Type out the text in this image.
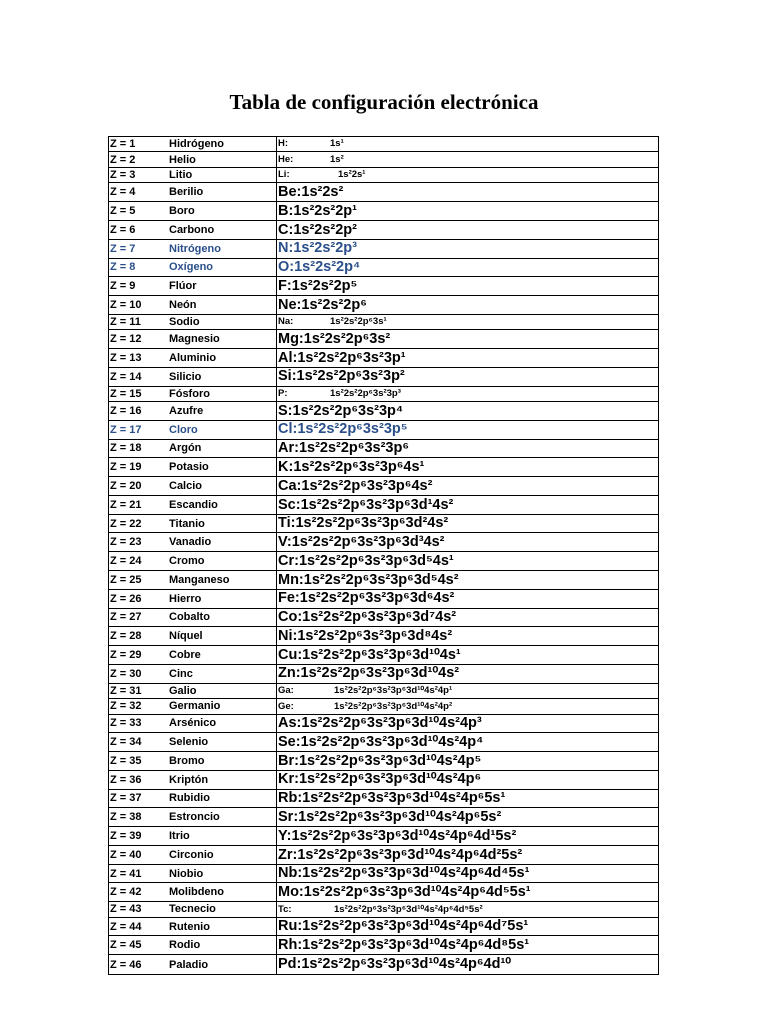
Tabla de configuración electrónica
Z = 1	Hidrógeno	H:	1s¹
Z = 2	Helio	He:	1s²
Z = 3	Litio	Li:	1s²2s¹
Z = 4	Berilio	Be: 1s²2s²
Z = 5	Boro	B: 1s²2s²2p¹
Z = 6	Carbono	C: 1s²2s²2p²
Z = 7	Nitrógeno	N: 1s²2s²2p³
Z = 8	Oxígeno	O: 1s²2s²2p⁴
Z = 9	Flúor	F: 1s²2s²2p⁵
Z = 10	Neón	Ne: 1s²2s²2p⁶
Z = 11	Sodio	Na:	1s²2s²2p⁶3s¹
Z = 12	Magnesio	Mg: 1s²2s²2p⁶3s²
Z = 13	Aluminio	Al: 1s²2s²2p⁶3s²3p¹
Z = 14	Silicio	Si: 1s²2s²2p⁶3s²3p²
Z = 15	Fósforo	P:	1s²2s²2p⁶3s²3p³
Z = 16	Azufre	S: 1s²2s²2p⁶3s²3p⁴
Z = 17	Cloro	Cl: 1s²2s²2p⁶3s²3p⁵
Z = 18	Argón	Ar: 1s²2s²2p⁶3s²3p⁶
Z = 19	Potasio	K: 1s²2s²2p⁶3s²3p⁶4s¹
Z = 20	Calcio	Ca: 1s²2s²2p⁶3s²3p⁶4s²
Z = 21	Escandio	Sc: 1s²2s²2p⁶3s²3p⁶3d¹4s²
Z = 22	Titanio	Ti: 1s²2s²2p⁶3s²3p⁶3d²4s²
Z = 23	Vanadio	V: 1s²2s²2p⁶3s²3p⁶3d³4s²
Z = 24	Cromo	Cr: 1s²2s²2p⁶3s²3p⁶3d⁵4s¹
Z = 25	Manganeso	Mn: 1s²2s²2p⁶3s²3p⁶3d⁵4s²
Z = 26	Hierro	Fe: 1s²2s²2p⁶3s²3p⁶3d⁶4s²
Z = 27	Cobalto	Co: 1s²2s²2p⁶3s²3p⁶3d⁷4s²
Z = 28	Níquel	Ni: 1s²2s²2p⁶3s²3p⁶3d⁸4s²
Z = 29	Cobre	Cu: 1s²2s²2p⁶3s²3p⁶3d¹⁰4s¹
Z = 30	Cinc	Zn: 1s²2s²2p⁶3s²3p⁶3d¹⁰4s²
Z = 31	Galio	Ga:	1s²2s²2p⁶3s²3p⁶3d¹⁰4s²4p¹
Z = 32	Germanio	Ge:	1s²2s²2p⁶3s²3p⁶3d¹⁰4s²4p²
Z = 33	Arsénico	As: 1s²2s²2p⁶3s²3p⁶3d¹⁰4s²4p³
Z = 34	Selenio	Se: 1s²2s²2p⁶3s²3p⁶3d¹⁰4s²4p⁴
Z = 35	Bromo	Br: 1s²2s²2p⁶3s²3p⁶3d¹⁰4s²4p⁵
Z = 36	Kriptón	Kr: 1s²2s²2p⁶3s²3p⁶3d¹⁰4s²4p⁶
Z = 37	Rubidio	Rb: 1s²2s²2p⁶3s²3p⁶3d¹⁰4s²4p⁶5s¹
Z = 38	Estroncio	Sr: 1s²2s²2p⁶3s²3p⁶3d¹⁰4s²4p⁶5s²
Z = 39	Itrio	Y: 1s²2s²2p⁶3s²3p⁶3d¹⁰4s²4p⁶4d¹5s²
Z = 40	Circonio	Zr: 1s²2s²2p⁶3s²3p⁶3d¹⁰4s²4p⁶4d²5s²
Z = 41	Niobio	Nb: 1s²2s²2p⁶3s²3p⁶3d¹⁰4s²4p⁶4d⁴5s¹
Z = 42	Molibdeno	Mo: 1s²2s²2p⁶3s²3p⁶3d¹⁰4s²4p⁶4d⁵5s¹
Z = 43	Tecnecio	Tc:	1s²2s²2p⁶3s²3p⁶3d¹⁰4s²4p⁶4d⁵5s²
Z = 44	Rutenio	Ru: 1s²2s²2p⁶3s²3p⁶3d¹⁰4s²4p⁶4d⁷5s¹
Z = 45	Rodio	Rh: 1s²2s²2p⁶3s²3p⁶3d¹⁰4s²4p⁶4d⁸5s¹
Z = 46	Paladio	Pd: 1s²2s²2p⁶3s²3p⁶3d¹⁰4s²4p⁶4d¹⁰
